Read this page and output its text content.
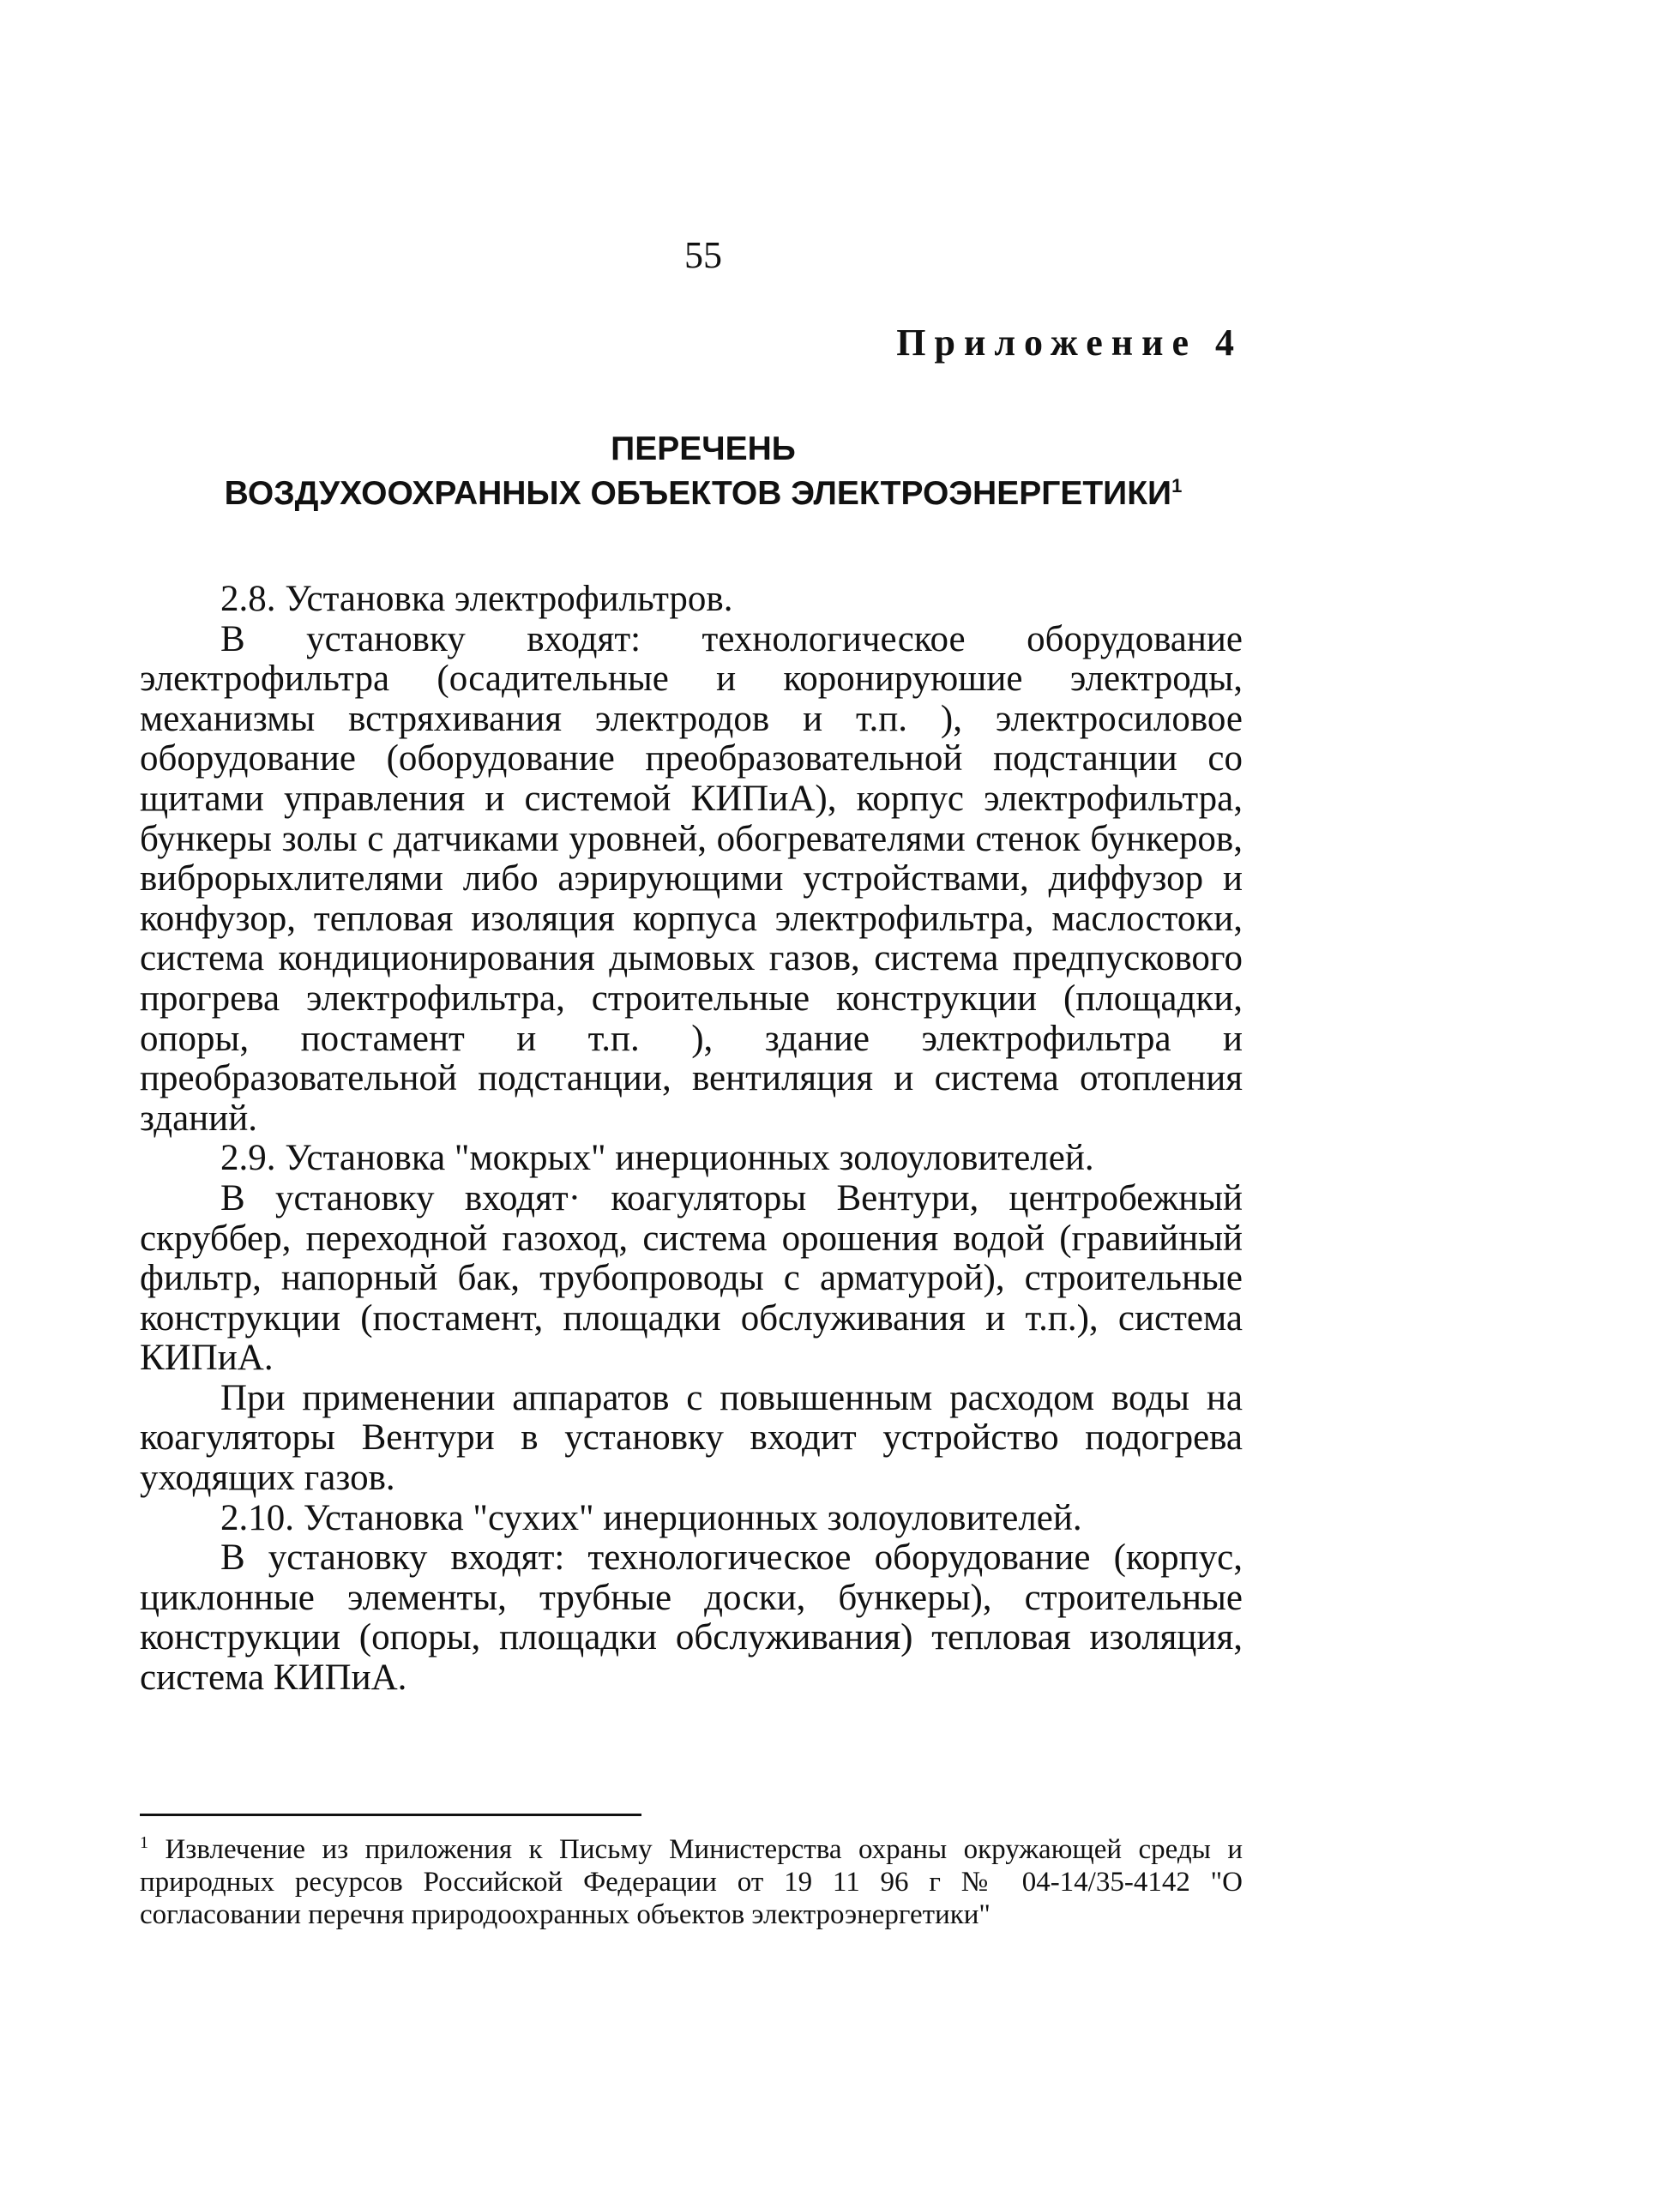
55
Приложение 4
ПЕРЕЧЕНЬ
ВОЗДУХООХРАННЫХ ОБЪЕКТОВ ЭЛЕКТРОЭНЕРГЕТИКИ$^1$

2.8. Установка электрофильтров.

В установку входят: технологическое оборудование электрофильтра (осадительные и коронируюшие электроды, механизмы встряхивания электродов и т.п. ), электросиловое оборудование (оборудование преобразовательной подстанции со щитами управления и системой КИПиА), корпус электрофильтра, бункеры золы с датчиками уровней, обогревателями стенок бункеров, виброрыхлителями либо аэрирующими устройствами, диффузор и конфузор, тепловая изоляция корпуса электрофильтра, маслостоки, система кондиционирования дымовых газов, система предпускового прогрева электрофильтра, строительные конструкции (площадки, опоры, постамент и т.п. ), здание электрофильтра и преобразовательной подстанции, вентиляция и система отопления зданий.

2.9. Установка "мокрых" инерционных золоуловителей.

В установку входят· коагуляторы Вентури, центробежный скруббер, переходной газоход, система орошения водой (гравийный фильтр, напорный бак, трубопроводы с арматурой), строительные конструкции (постамент, площадки обслуживания и т.п.), система КИПиА.

При применении аппаратов с повышенным расходом воды на коагуляторы Вентури в установку входит устройство подогрева уходящих газов.

2.10. Установка "сухих" инерционных золоуловителей.

В установку входят: технологическое оборудование (корпус, циклонные элементы, трубные доски, бункеры), строительные конструкции (опоры, площадки обслуживания) тепловая изоляция, система КИПиА.

$^1$ Извлечение из приложения к Письму Министерства охраны окружающей среды и природных ресурсов Российской Федерации от 19 11 96 г № 04-14/35-4142 "О согласовании перечня природоохранных объектов электроэнергетики"
